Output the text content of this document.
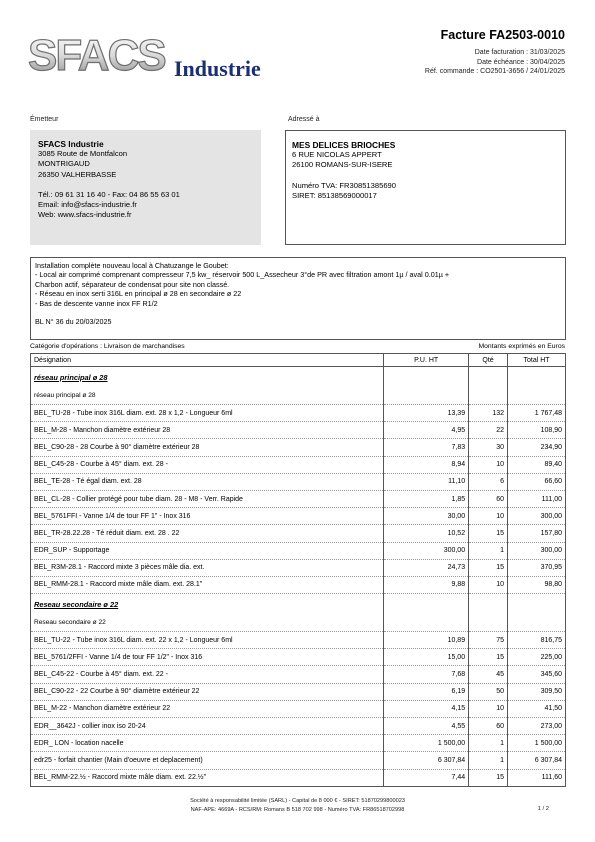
SFACS Industrie
Facture FA2503-0010
Date facturation : 31/03/2025
Date échéance : 30/04/2025
Réf. commande : CO2501-3656 / 24/01/2025
Émetteur	Adressé à
SFACS Industrie
3085 Route de Montfalcon
MONTRIGAUD
26350 VALHERBASSE
Tél.: 09 61 31 16 40 - Fax: 04 86 55 63 01
Email: info@sfacs-industrie.fr
Web: www.sfacs-industrie.fr
MES DELICES BRIOCHES
6 RUE NICOLAS APPERT
26100 ROMANS-SUR-ISERE
Numéro TVA: FR30851385690
SIRET: 85138569000017
Installation complète nouveau local à Chatuzange le Goubet:
- Local air comprimé comprenant compresseur 7,5 kw_ réservoir 500 L_Assecheur 3°de PR avec filtration amont 1µ / aval 0.01µ +
Charbon actif, séparateur de condensat pour site non classé.
- Réseau en inox serti 316L en principal ø 28 en secondaire ø 22
- Bas de descente vanne inox FF R1/2
BL N° 36 du 20/03/2025
Catégorie d'opérations : Livraison de marchandises	Montants exprimés en Euros
Désignation	P.U. HT	Qté	Total HT
réseau principal ø 28			
réseau principal ø 28			
BEL_TU-28 - Tube inox 316L diam. ext. 28 x 1,2 - Longueur 6ml	13,39	132	1 767,48
BEL_M-28 - Manchon diamètre extérieur 28	4,95	22	108,90
BEL_C90-28 - 28 Courbe à 90° diamètre extérieur 28	7,83	30	234,90
BEL_C45-28 - Courbe à 45° diam. ext. 28 -	8,94	10	89,40
BEL_TE-28 - Té égal diam. ext. 28	11,10	6	66,60
BEL_CL-28 - Collier protégé pour tube diam. 28 - M8 - Verr. Rapide	1,85	60	111,00
BEL_5761FFI - Vanne 1/4 de tour FF 1" - Inox 316	30,00	10	300,00
BEL_TR-28.22.28 - Té réduit diam. ext. 28 . 22	10,52	15	157,80
EDR_SUP - Supportage	300,00	1	300,00
BEL_R3M-28.1 - Raccord mixte 3 pièces mâle dia. ext.	24,73	15	370,95
BEL_RMM-28.1 - Raccord mixte mâle diam. ext. 28.1"	9,88	10	98,80
Reseau secondaire ø 22			
Reseau secondaire ø 22			
BEL_TU-22 - Tube inox 316L diam. ext. 22 x 1,2 - Longueur 6ml	10,89	75	816,75
BEL_5761/2FFI - Vanne 1/4 de tour FF 1/2" - Inox 316	15,00	15	225,00
BEL_C45-22 - Courbe à 45° diam. ext. 22 -	7,68	45	345,60
BEL_C90-22 - 22 Courbe à 90° diamètre extérieur 22	6,19	50	309,50
BEL_M-22 - Manchon diamètre extérieur 22	4,15	10	41,50
EDR__3642J - collier inox iso 20-24	4,55	60	273,00
EDR_ LON - location nacelle	1 500,00	1	1 500,00
edr25 - forfait chantier (Main d'oeuvre et deplacement)	6 307,84	1	6 307,84
BEL_RMM-22.½ - Raccord mixte mâle diam. ext. 22.½"	7,44	15	111,60
Société à responsabilité limitée (SARL) - Capital de 8 000 € - SIRET: 51870299800023
NAF-APE: 4669A - RCS/RM: Romans B 518 702 998 - Numéro TVA: FR86518702998	1 / 2
